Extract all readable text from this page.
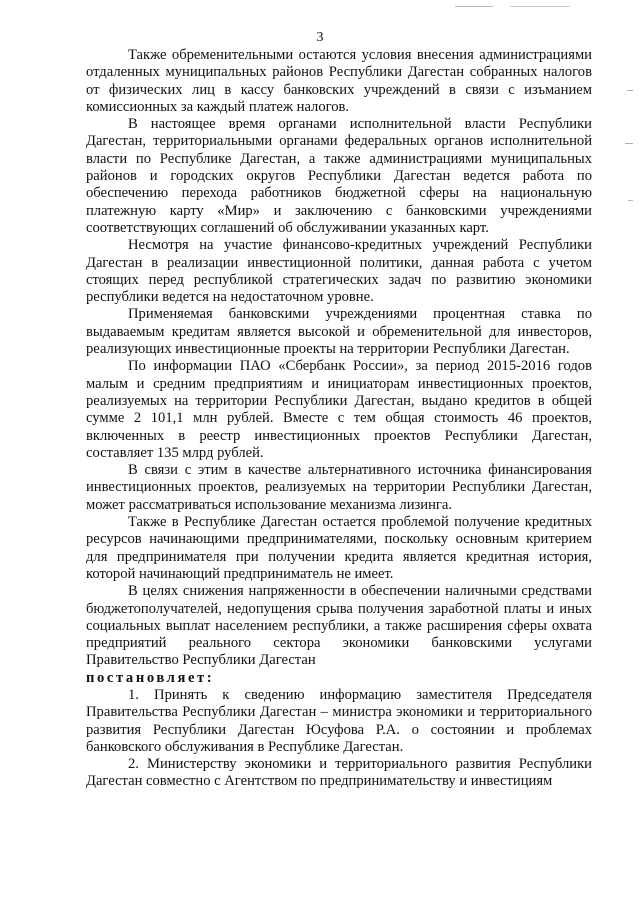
3

Также обременительными остаются условия внесения администрациями отдаленных муниципальных районов Республики Дагестан собранных налогов от физических лиц в кассу банковских учреждений в связи с изъманием комиссионных за каждый платеж налогов.

В настоящее время органами исполнительной власти Республики Дагестан, территориальными органами федеральных органов исполнительной власти по Республике Дагестан, а также администрациями муниципальных районов и городских округов Республики Дагестан ведется работа по обеспечению перехода работников бюджетной сферы на национальную платежную карту «Мир» и заключению с банковскими учреждениями соответствующих соглашений об обслуживании указанных карт.

Несмотря на участие финансово-кредитных учреждений Республики Дагестан в реализации инвестиционной политики, данная работа с учетом стоящих перед республикой стратегических задач по развитию экономики республики ведется на недостаточном уровне.

Применяемая банковскими учреждениями процентная ставка по выдаваемым кредитам является высокой и обременительной для инвесторов, реализующих инвестиционные проекты на территории Республики Дагестан.

По информации ПАО «Сбербанк России», за период 2015-2016 годов малым и средним предприятиям и инициаторам инвестиционных проектов, реализуемых на территории Республики Дагестан, выдано кредитов в общей сумме 2 101,1 млн рублей. Вместе с тем общая стоимость 46 проектов, включенных в реестр инвестиционных проектов Республики Дагестан, составляет 135 млрд рублей.

В связи с этим в качестве альтернативного источника финансирования инвестиционных проектов, реализуемых на территории Республики Дагестан, может рассматриваться использование механизма лизинга.

Также в Республике Дагестан остается проблемой получение кредитных ресурсов начинающими предпринимателями, поскольку основным критерием для предпринимателя при получении кредита является кредитная история, которой начинающий предприниматель не имеет.

В целях снижения напряженности в обеспечении наличными средствами бюджетополучателей, недопущения срыва получения заработной платы и иных социальных выплат населением республики, а также расширения сферы охвата предприятий реального сектора экономики банковскими услугами Правительство Республики Дагестан

постановляет:

1. Принять к сведению информацию заместителя Председателя Правительства Республики Дагестан – министра экономики и территориального развития Республики Дагестан Юсуфова Р.А. о состоянии и проблемах банковского обслуживания в Республике Дагестан.

2. Министерству экономики и территориального развития Республики Дагестан совместно с Агентством по предпринимательству и инвестициям
